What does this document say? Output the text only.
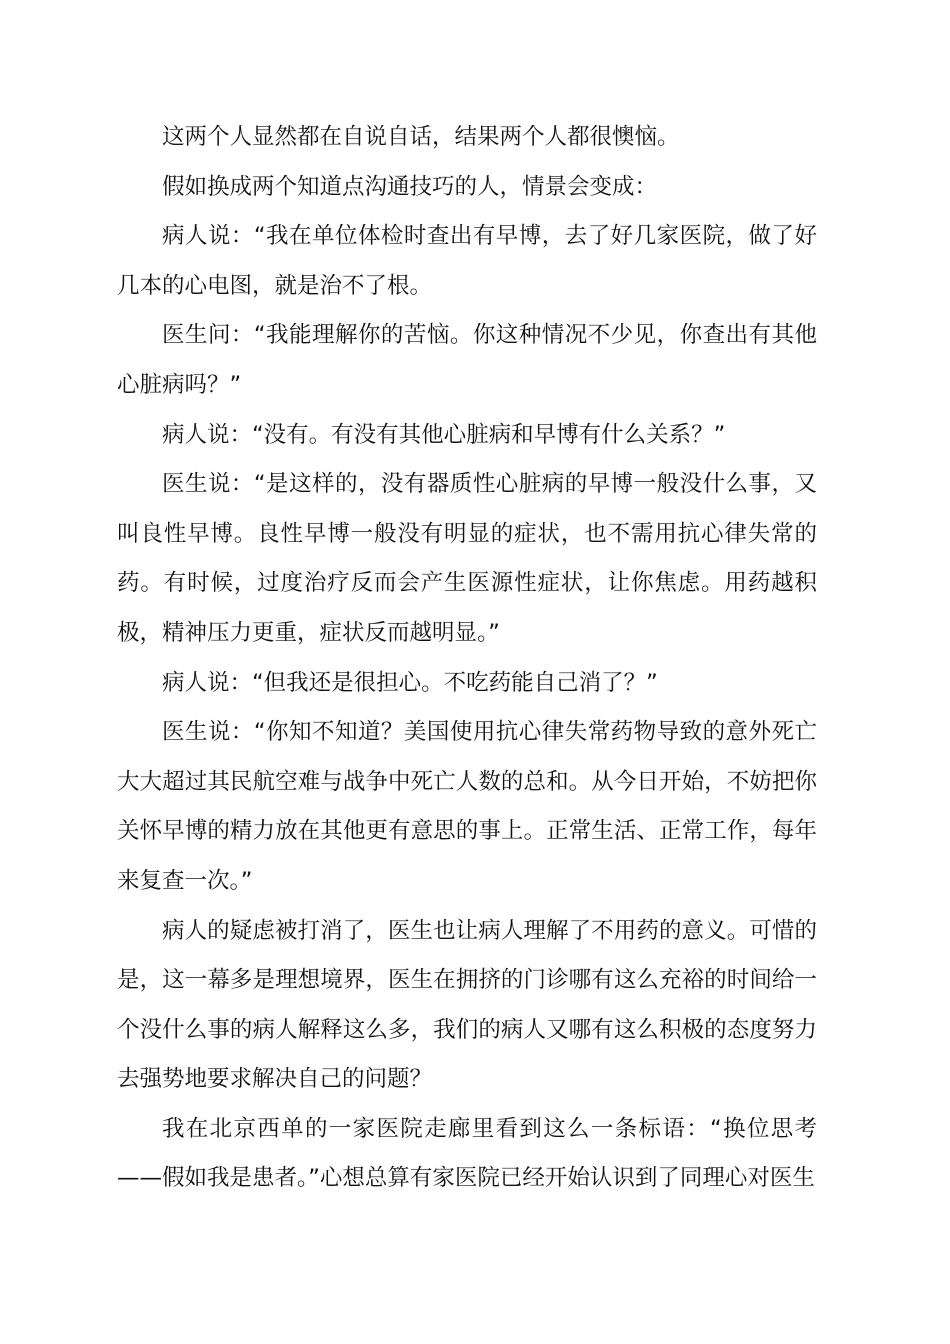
这两个人显然都在自说自话，结果两个人都很懊恼。

假如换成两个知道点沟通技巧的人，情景会变成：

病人说：“我在单位体检时查出有早博，去了好几家医院，做了好几本的心电图，就是治不了根。

医生问：“我能理解你的苦恼。你这种情况不少见，你查出有其他心脏病吗？”

病人说：“没有。有没有其他心脏病和早博有什么关系？”

医生说：“是这样的，没有器质性心脏病的早博一般没什么事，又叫良性早博。良性早博一般没有明显的症状，也不需用抗心律失常的药。有时候，过度治疗反而会产生医源性症状，让你焦虑。用药越积极，精神压力更重，症状反而越明显。”

病人说：“但我还是很担心。不吃药能自己消了？”

医生说：“你知不知道？美国使用抗心律失常药物导致的意外死亡大大超过其民航空难与战争中死亡人数的总和。从今日开始，不妨把你关怀早博的精力放在其他更有意思的事上。正常生活、正常工作，每年来复查一次。”

病人的疑虑被打消了，医生也让病人理解了不用药的意义。可惜的是，这一幕多是理想境界，医生在拥挤的门诊哪有这么充裕的时间给一个没什么事的病人解释这么多，我们的病人又哪有这么积极的态度努力去强势地要求解决自己的问题？

我在北京西单的一家医院走廊里看到这么一条标语：“换位思考——假如我是患者。”心想总算有家医院已经开始认识到了同理心对医生
